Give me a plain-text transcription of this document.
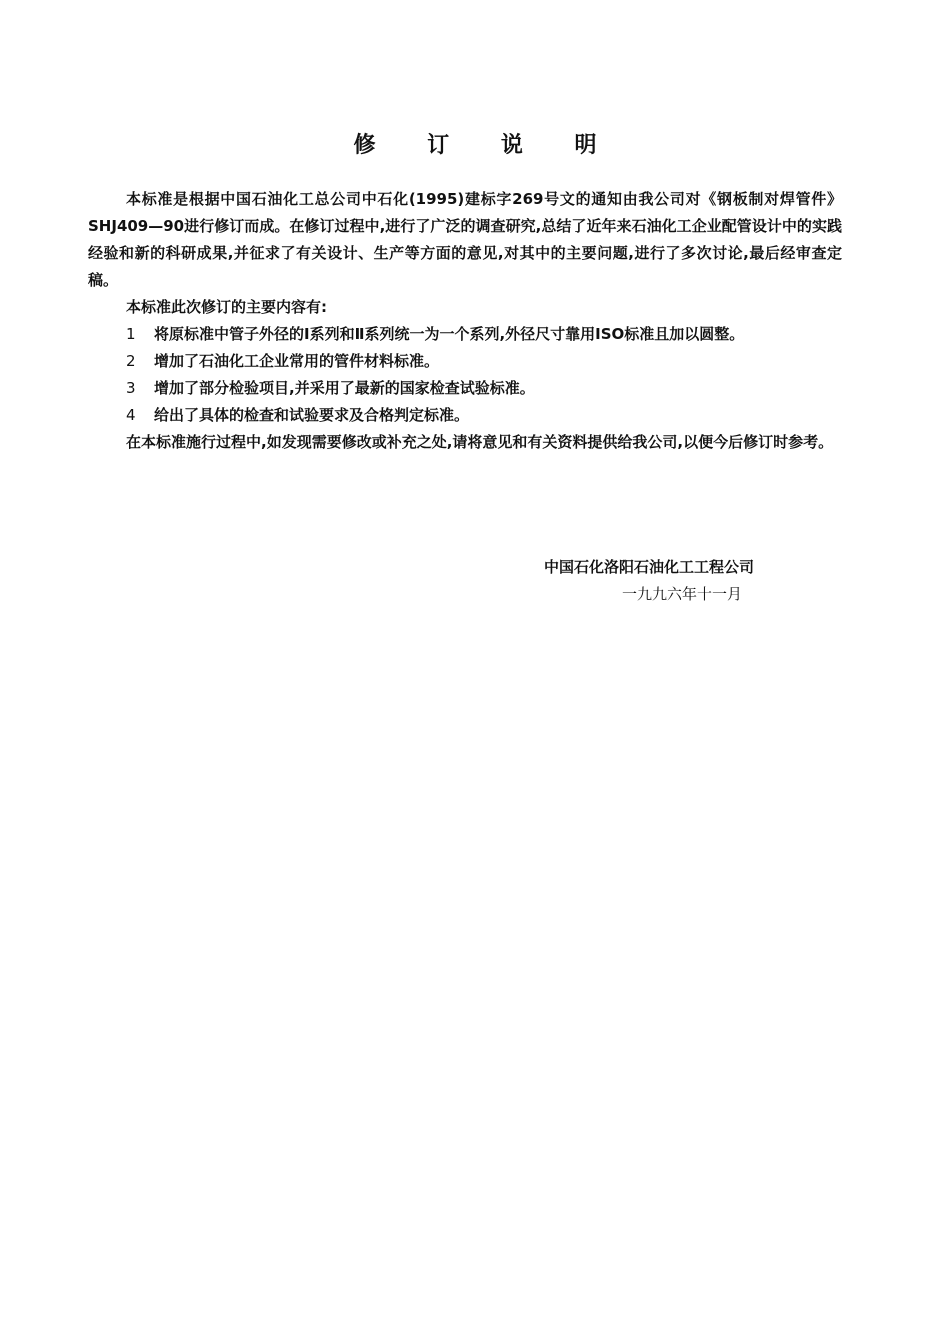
修 订 说 明

本标准是根据中国石油化工总公司中石化(1995)建标字269号文的通知由我公司对《钢板制对焊管件》SHJ409—90进行修订而成。在修订过程中,进行了广泛的调查研究,总结了近年来石油化工企业配管设计中的实践经验和新的科研成果,并征求了有关设计、生产等方面的意见,对其中的主要问题,进行了多次讨论,最后经审查定稿。

本标准此次修订的主要内容有:

1 将原标准中管子外径的Ⅰ系列和Ⅱ系列统一为一个系列,外径尺寸靠用ISO标准且加以圆整。

2 增加了石油化工企业常用的管件材料标准。

3 增加了部分检验项目,并采用了最新的国家检查试验标准。

4 给出了具体的检查和试验要求及合格判定标准。

在本标准施行过程中,如发现需要修改或补充之处,请将意见和有关资料提供给我公司,以便今后修订时参考。

中国石化洛阳石油化工工程公司
一九九六年十一月
